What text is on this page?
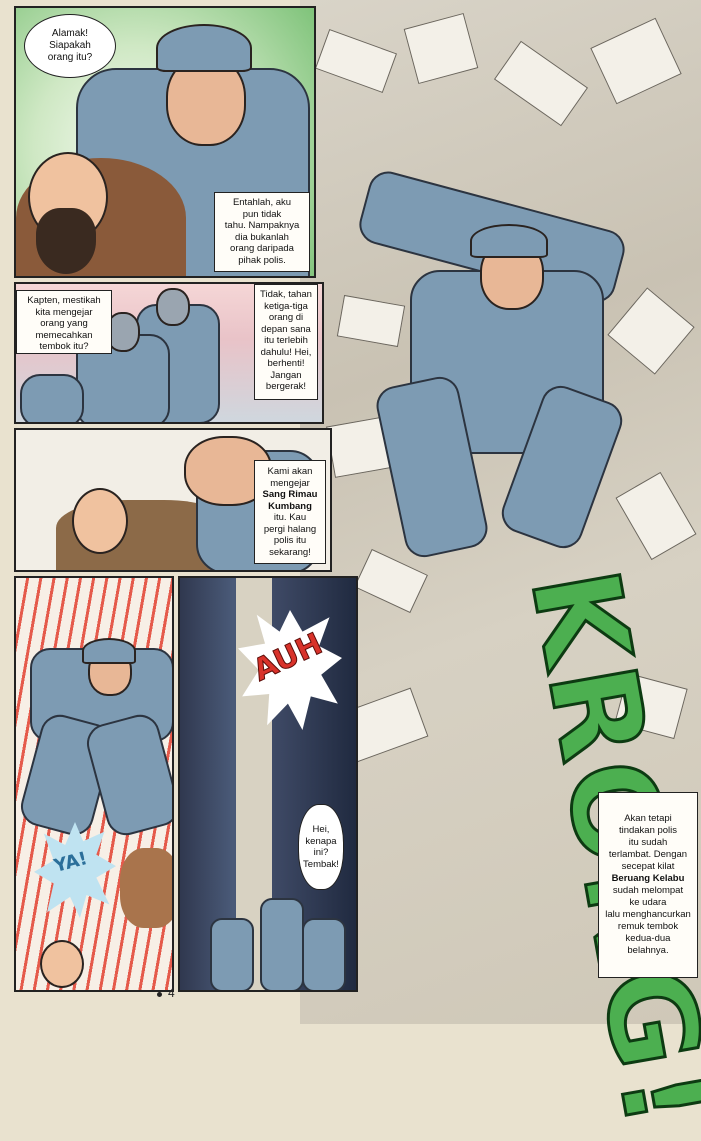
Akan tetapi
tindakan polis
itu sudah
terlambat. Dengan
secepat kilat
Beruang Kelabu
sudah melompat
ke udara
lalu menghancurkan
remuk tembok
kedua-dua belahnya.
Alamak!
Siapakah
orang itu?
Entahlah, aku
pun tidak
tahu. Nampaknya
dia bukanlah
orang daripada
pihak polis.
Kapten, mestikah
kita mengejar
orang yang
memecahkan
tembok itu?
Tidak, tahan
ketiga-tiga
orang di
depan sana
itu terlebih
dahulu! Hei,
berhenti!
Jangan
bergerak!
Kami akan
mengejar
Sang Rimau
Kumbang
itu. Kau
pergi halang
polis itu
sekarang!
YA!
AUH
Hei,
kenapa
ini?
Tembak!
4
